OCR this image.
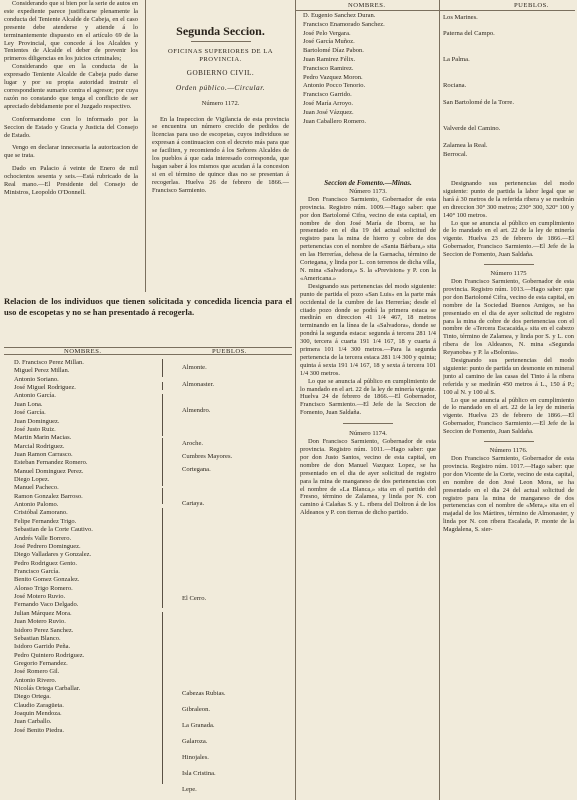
NOMBRES.	PUEBLOS.

Considerando que si bien por la serie de autos en este expediente parece justificarse plenamente la conducta del Teniente Alcalde de Cabeja, en el caso presente debe atenderse y atiende á lo terminantemente dispuesto en el artículo 69 de la Ley Provincial, que concede á los Alcaldes y Tenientes de Alcalde el deber de prevenir los primeros diligencias en los juicios criminales;

Considerando que en la conducta de la expresado Teniente Alcalde de Cabeja pudo darse lugar y por su propia autoridad instruir el correspondiente sumario contra el agresor; por cuya razón no constando que tenga el conflicto de ser apreciado debidamente por el Juzgado respectivo.

Conformandome con lo informado por la Seccion de Estado y Gracia y Justicia del Consejo de Estado.

Vengo en declarar innecesaria la autorizacion de que se trata.

Dado en Palacio á veinte de Enero de mil ochocientos sesenta y seis.—Está rubricado de la Real mano.—El Presidente del Consejo de Ministros, Leopoldo O'Donnell.

Segunda Seccion.

OFICINAS SUPERIORES DE LA PROVINCIA.

GOBIERNO CIVIL.

Orden público.—Circular.

Número 1172.

En la Inspeccion de Vigilancia de esta provincia se encuentra un número crecido de pedidos de licencias para uso de escopetas, cuyos individuos se expresan á continuacion con el decreto más para que se faciliten, y recomiendo á los Señores Alcaldes de los pueblos á que cada interesado corresponda, que hagan saber á los mismos que acudan á la concesion si en el término de quince dias no se presentan á recogerlas. Huelva 26 de febrero de 1866.—Francisco Sarmiento.

Relacion de los individuos que tienen solicitada y concedida licencia para el uso de escopetas y no se han presentado á recogerla.
NOMBRES.	PUEBLOS.
D. Francisco Perez Millan.
Miguel Perez Millan.
Antonio Soriano.
José Miguel Rodriguez.
Antonio García.
Juan Lona.
José García.
Juan Dominguez.
José Justo Ruiz.
Martin Marin Macias.
Marcial Rodriguez.
Juan Ramon Carrasco.
Esteban Fernandez Romero.
Manuel Dominguez Perez.
Diego Lopez.
Manuel Pacheco.
Ramon Gonzalez Barroso.
Antonio Palomo.
Cristóbal Zamorano.
Felipe Fernandez Trigo.
Sebastian de la Corte Cautivo.
Andrés Valle Borrero.
José Pedrero Dominguez.
Diego Valladares y Gonzalez.
Pedro Rodriguez Gento.
Francisco García.
Benito Gomez Gonzalez.
Alonso Trigo Romero.
José Motero Ruvio.
Fernando Vaco Delgado.
Julian Márquez Mora.
Juan Motero Ruvio.
Isidoro Perez Sanchez.
Sebastian Blanco.
Isidoro Garrido Peña.
Pedro Quintero Rodriguez.
Gregorio Fernandez.
José Romero Gil.
Antonio Rivero.
Nicolás Ortega Carballar.
Diego Ortega.
Claudio Zaragüeta.
Joaquin Mendoza.
Juan Carballo.
José Benito Piedra.
Almonte.
Almonaster.
Almendro.
Aroche.
Cumbres Mayores.
Cortegana.
Cartaya.
El Cerro.
Cabezas Rubias.
Gibraleon.
La Granada.
Galaroza.
Hinojales.
Isla Cristina.
Lepe.
D. Eugenio Sanchez Duran.
Francisco Enamorado Sanchez.
José Pelo Vergara.
José García Muñoz.
Bartolomé Díaz Pabon.
Juan Ramirez Félix.
Francisco Ramirez.
Pedro Vazquez Moron.
Antonio Pocco Tenorio.
Francisco Garrido.
José María Arroyo.
Juan José Vázquez.
Juan Caballero Romero.
Los Marines.
Paterna del Campo.
La Palma.
Rociana.
San Bartolomé de la Torre.
Valverde del Camino.
Zalamea la Real.
Berrocal.

Seccion de Fomento.—Minas.

Número 1173.

Don Francisco Sarmiento, Gobernador de esta provincia. Registro núm. 1009.—Hago saber: que por don Bartolomé Cifra, vecino de esta capital, en nombre de don José María de Iborra, se ha presentado en el dia 19 del actual solicitud de registro para la mina de hierro y cobre de dos pertenencias con el nombre de «Santa Bárbara,» sita en las Herrerías, dehesa de la Garnacha, término de Cortegana, y linda por L. con terrenos de dicha villa, N. mina «Salvadora,» S. la «Prevision» y P. con la «Americana.»

Designando sus pertenencias del modo siguiente: punto de partida el pozo «San Luis» en la parte más occidental de la cumbre de las Herrerías; desde el citado pozo donde se podrá la primera estaca se medirán en direccion 41 1/4 467, 18 metros terminando en la línea de la «Salvadora», donde se pondrá la segunda estaca: segunda á tercera 281 1/4 300, tercera á cuarta 191 1/4 167, 18 y cuarta á primera 101 1/4 300 metros.—Para la segunda pertenencia de la tercera estaca 281 1/4 300 y quinta; quinta á sexta 191 1/4 167, 18 y sexta á tercera 101 1/4 300 metros.

Lo que se anuncia al público en cumplimiento de lo mandado en el art. 22 de la ley de minería vigente. Huelva 24 de febrero de 1866.—El Gobernador, Francisco Sarmiento.—El Jefe de la Seccion de Fomento, Juan Saldaña.

Número 1174.

Don Francisco Sarmiento, Gobernador de esta provincia. Registro núm. 1011.—Hago saber: que por don Justo Santos, vecino de esta capital, en nombre de don Manuel Vazquez Lopez, se ha presentado en el dia de ayer solicitud de registro para la mina de manganeso de dos pertenencias con el nombre de «La Blanca,» sita en el partido del Fresno, término de Zalamea, y linda por N. con camino á Calañas S. y L. ribera del Doltron á de los Aldeanos y P. con tierras de dicho partido.

Designando sus pertenencias del modo siguiente: punto de partida la labor legal que se hará á 30 metros de la referida ribera y se medirán en direccion 30° 300 metros; 230° 300, 320° 100 y 140° 100 metros.

Lo que se anuncia al público en cumplimiento de lo mandado en el art. 22 de la ley de minería vigente. Huelva 23 de febrero de 1866.—El Gobernador, Francisco Sarmiento.—El Jefe de la Seccion de Fomento, Juan Saldaña.

Número 1175

Don Francisco Sarmiento, Gobernador de esta provincia. Registro núm. 1013.—Hago saber: que por don Bartolomé Cifra, vecino de esta capital, en nombre de la Sociedad Buenos Amigos, se ha presentado en el dia de ayer solicitud de registro para la mina de cobre de dos pertenencias con el nombre de «Tercera Escacaida,» sita en el cabezo Tinto, término de Zalamea, y linda por S. y L. con ribera de los Aldeanos, N. mina «Segunda Reyanoba» y P. la «Bolonia».

Designando sus pertenencias del modo siguiente: punto de partida un desmonte en mineral junto al camino de las casas del Tinto á la ribera referida y se medirán 450 metros á L., 150 á P.; 100 al N. y 100 al S.

Lo que se anuncia al público en cumplimiento de lo mandado en el art. 22 de la ley de minería vigente. Huelva 23 de febrero de 1866.—El Gobernador, Francisco Sarmiento.—El Jefe de la Seccion de Fomento, Juan Saldaña.

Número 1176.

Don Francisco Sarmiento, Gobernador de esta provincia. Registro núm. 1017.—Hago saber: que por don Vicente de la Corte, vecino de esta capital, en nombre de don José Leon Mora, se ha presentado en el dia 24 del actual solicitud de registro para la mina de manganeso de dos pertenencias con el nombre de «Mera,» sita en el majadal de los Mártires, término de Almonaster, y linda por N. con ribera Escalada, P. monte de la Magdalena, S. sier-
